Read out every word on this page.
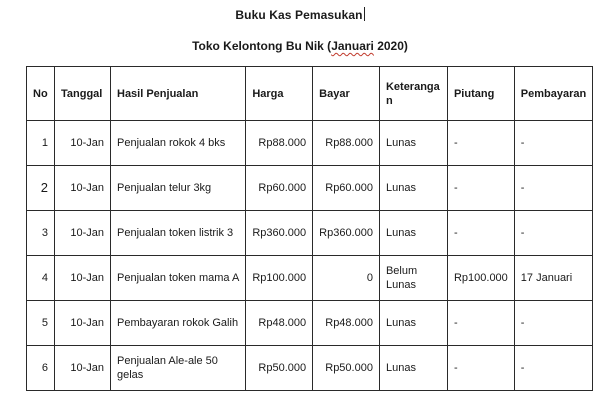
Buku Kas Pemasukan
Toko Kelontong Bu Nik (Januari 2020)
No	Tanggal	Hasil Penjualan	Harga	Bayar	Keterangan	Piutang	Pembayaran
1	10-Jan	Penjualan rokok 4 bks	Rp88.000	Rp88.000	Lunas	-	-
2	10-Jan	Penjualan telur 3kg	Rp60.000	Rp60.000	Lunas	-	-
3	10-Jan	Penjualan token listrik 3	Rp360.000	Rp360.000	Lunas	-	-
4	10-Jan	Penjualan token mama A	Rp100.000	0	Belum Lunas	Rp100.000	17 Januari
5	10-Jan	Pembayaran rokok Galih	Rp48.000	Rp48.000	Lunas	-	-
6	10-Jan	Penjualan Ale-ale 50 gelas	Rp50.000	Rp50.000	Lunas	-	-
